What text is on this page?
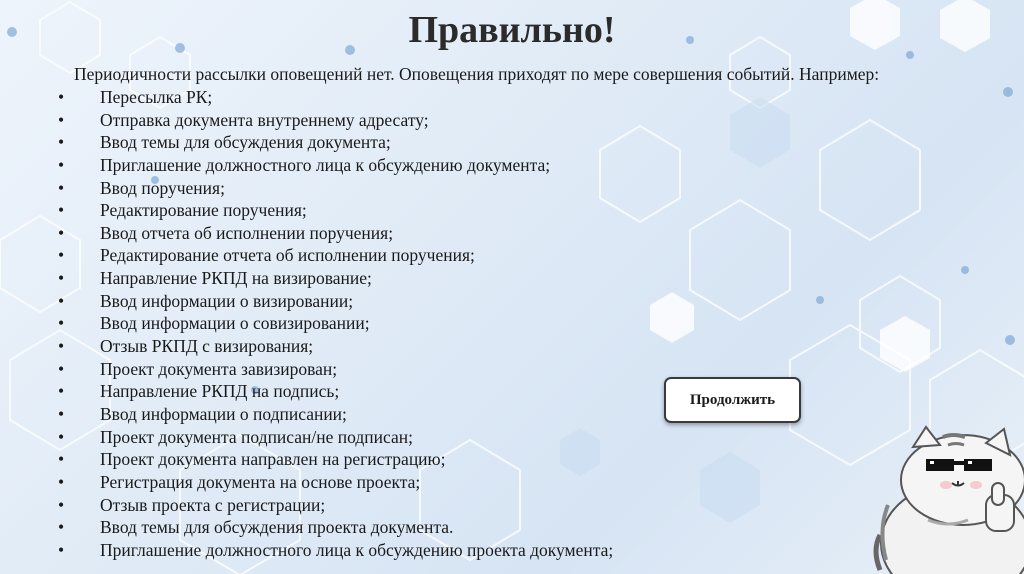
Правильно!
Периодичности рассылки оповещений нет. Оповещения приходят по мере совершения событий. Например:
•	Пересылка РК;
•	Отправка документа внутреннему адресату;
•	Ввод темы для обсуждения документа;
•	Приглашение должностного лица к обсуждению документа;
•	Ввод поручения;
•	Редактирование поручения;
•	Ввод отчета об исполнении поручения;
•	Редактирование отчета об исполнении поручения;
•	Направление РКПД на визирование;
•	Ввод информации о визировании;
•	Ввод информации о совизировании;
•	Отзыв РКПД с визирования;
•	Проект документа завизирован;
•	Направление РКПД на подпись;
•	Ввод информации о подписании;
•	Проект документа подписан/не подписан;
•	Проект документа направлен на регистрацию;
•	Регистрация документа на основе проекта;
•	Отзыв проекта с регистрации;
•	Ввод темы для обсуждения проекта документа.
•	Приглашение должностного лица к обсуждению проекта документа;
Продолжить
